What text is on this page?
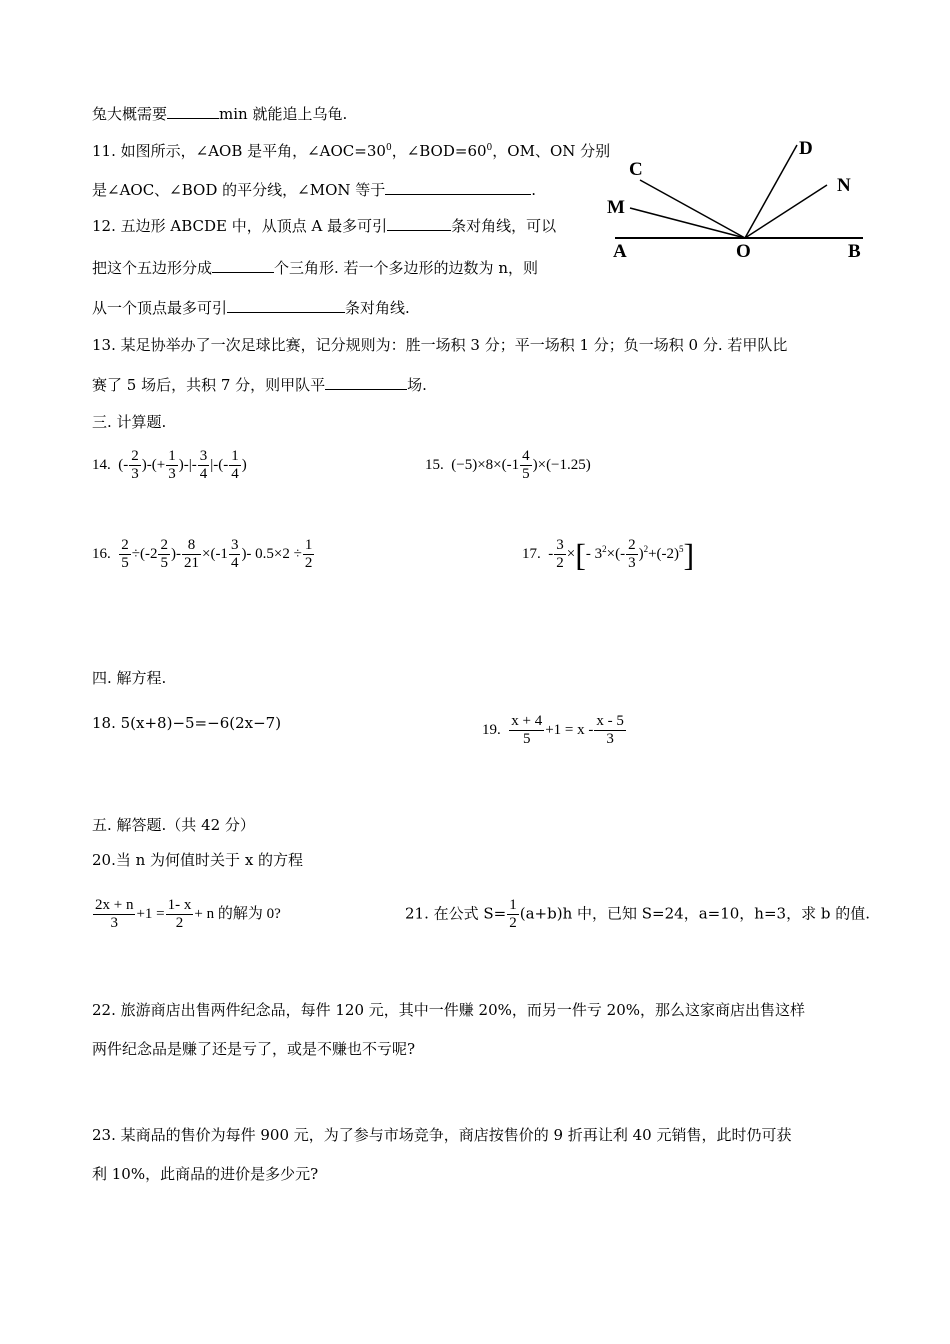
兔大概需要	min 就能追上乌龟.
11. 如图所示，∠AOB 是平角，$\angle AOC=30^0$，$\angle BOD=60^0$，OM、ON 分别
是∠AOC、∠BOD 的平分线，∠MON 等于	.
12. 五边形 ABCDE 中，从顶点 A 最多可引	条对角线，可以
把这个五边形分成	个三角形. 若一个多边形的边数为 n，则
从一个顶点最多可引	条对角线.
C
D
M
N
A	O	B
13. 某足协举办了一次足球比赛，记分规则为：胜一场积 3 分；平一场积 1 分；负一场积 0 分. 若甲队比
赛了 5 场后，共积 7 分，则甲队平	场.
三. 计算题.
14. (- $\frac{2}{3}$ )-(+ $\frac{1}{3}$ )-|- $\frac{3}{4}$ |-(- $\frac{1}{4}$ )	15. $(-5)\times 8\times(-1 \frac{4}{5} )\times(-1.25)$
16. $\frac{2}{5} \div(-2 \frac{2}{5}$ )- $\frac{8}{21} \times(-1 \frac{3}{4}$ )- $0.5\times 2 \div \frac{1}{2}$	17. - $\frac{3}{2}$ ×[- $3^2\times(- \frac{2}{3} )^2+(-2)^5$]
四. 解方程.
18. 5(x+8)−5=−6(2x−7)	19. $\frac{x + 4}{5} +1 = x - \frac{x - 5}{3}$
五. 解答题.（共 42 分）
20.当 n 为何值时关于 x 的方程
$\frac{2x + n}{3} +1 = \frac{1- x}{2} + n$ 的解为 0?	21. 在公式 $S= \frac{1}{2} (a+b)h$ 中，已知 S=24，a=10，h=3，求 b 的值.
22. 旅游商店出售两件纪念品，每件 120 元，其中一件赚 20%，而另一件亏 20%，那么这家商店出售这样
两件纪念品是赚了还是亏了，或是不赚也不亏呢?
23. 某商品的售价为每件 900 元，为了参与市场竞争，商店按售价的 9 折再让利 40 元销售，此时仍可获
利 10%，此商品的进价是多少元?
